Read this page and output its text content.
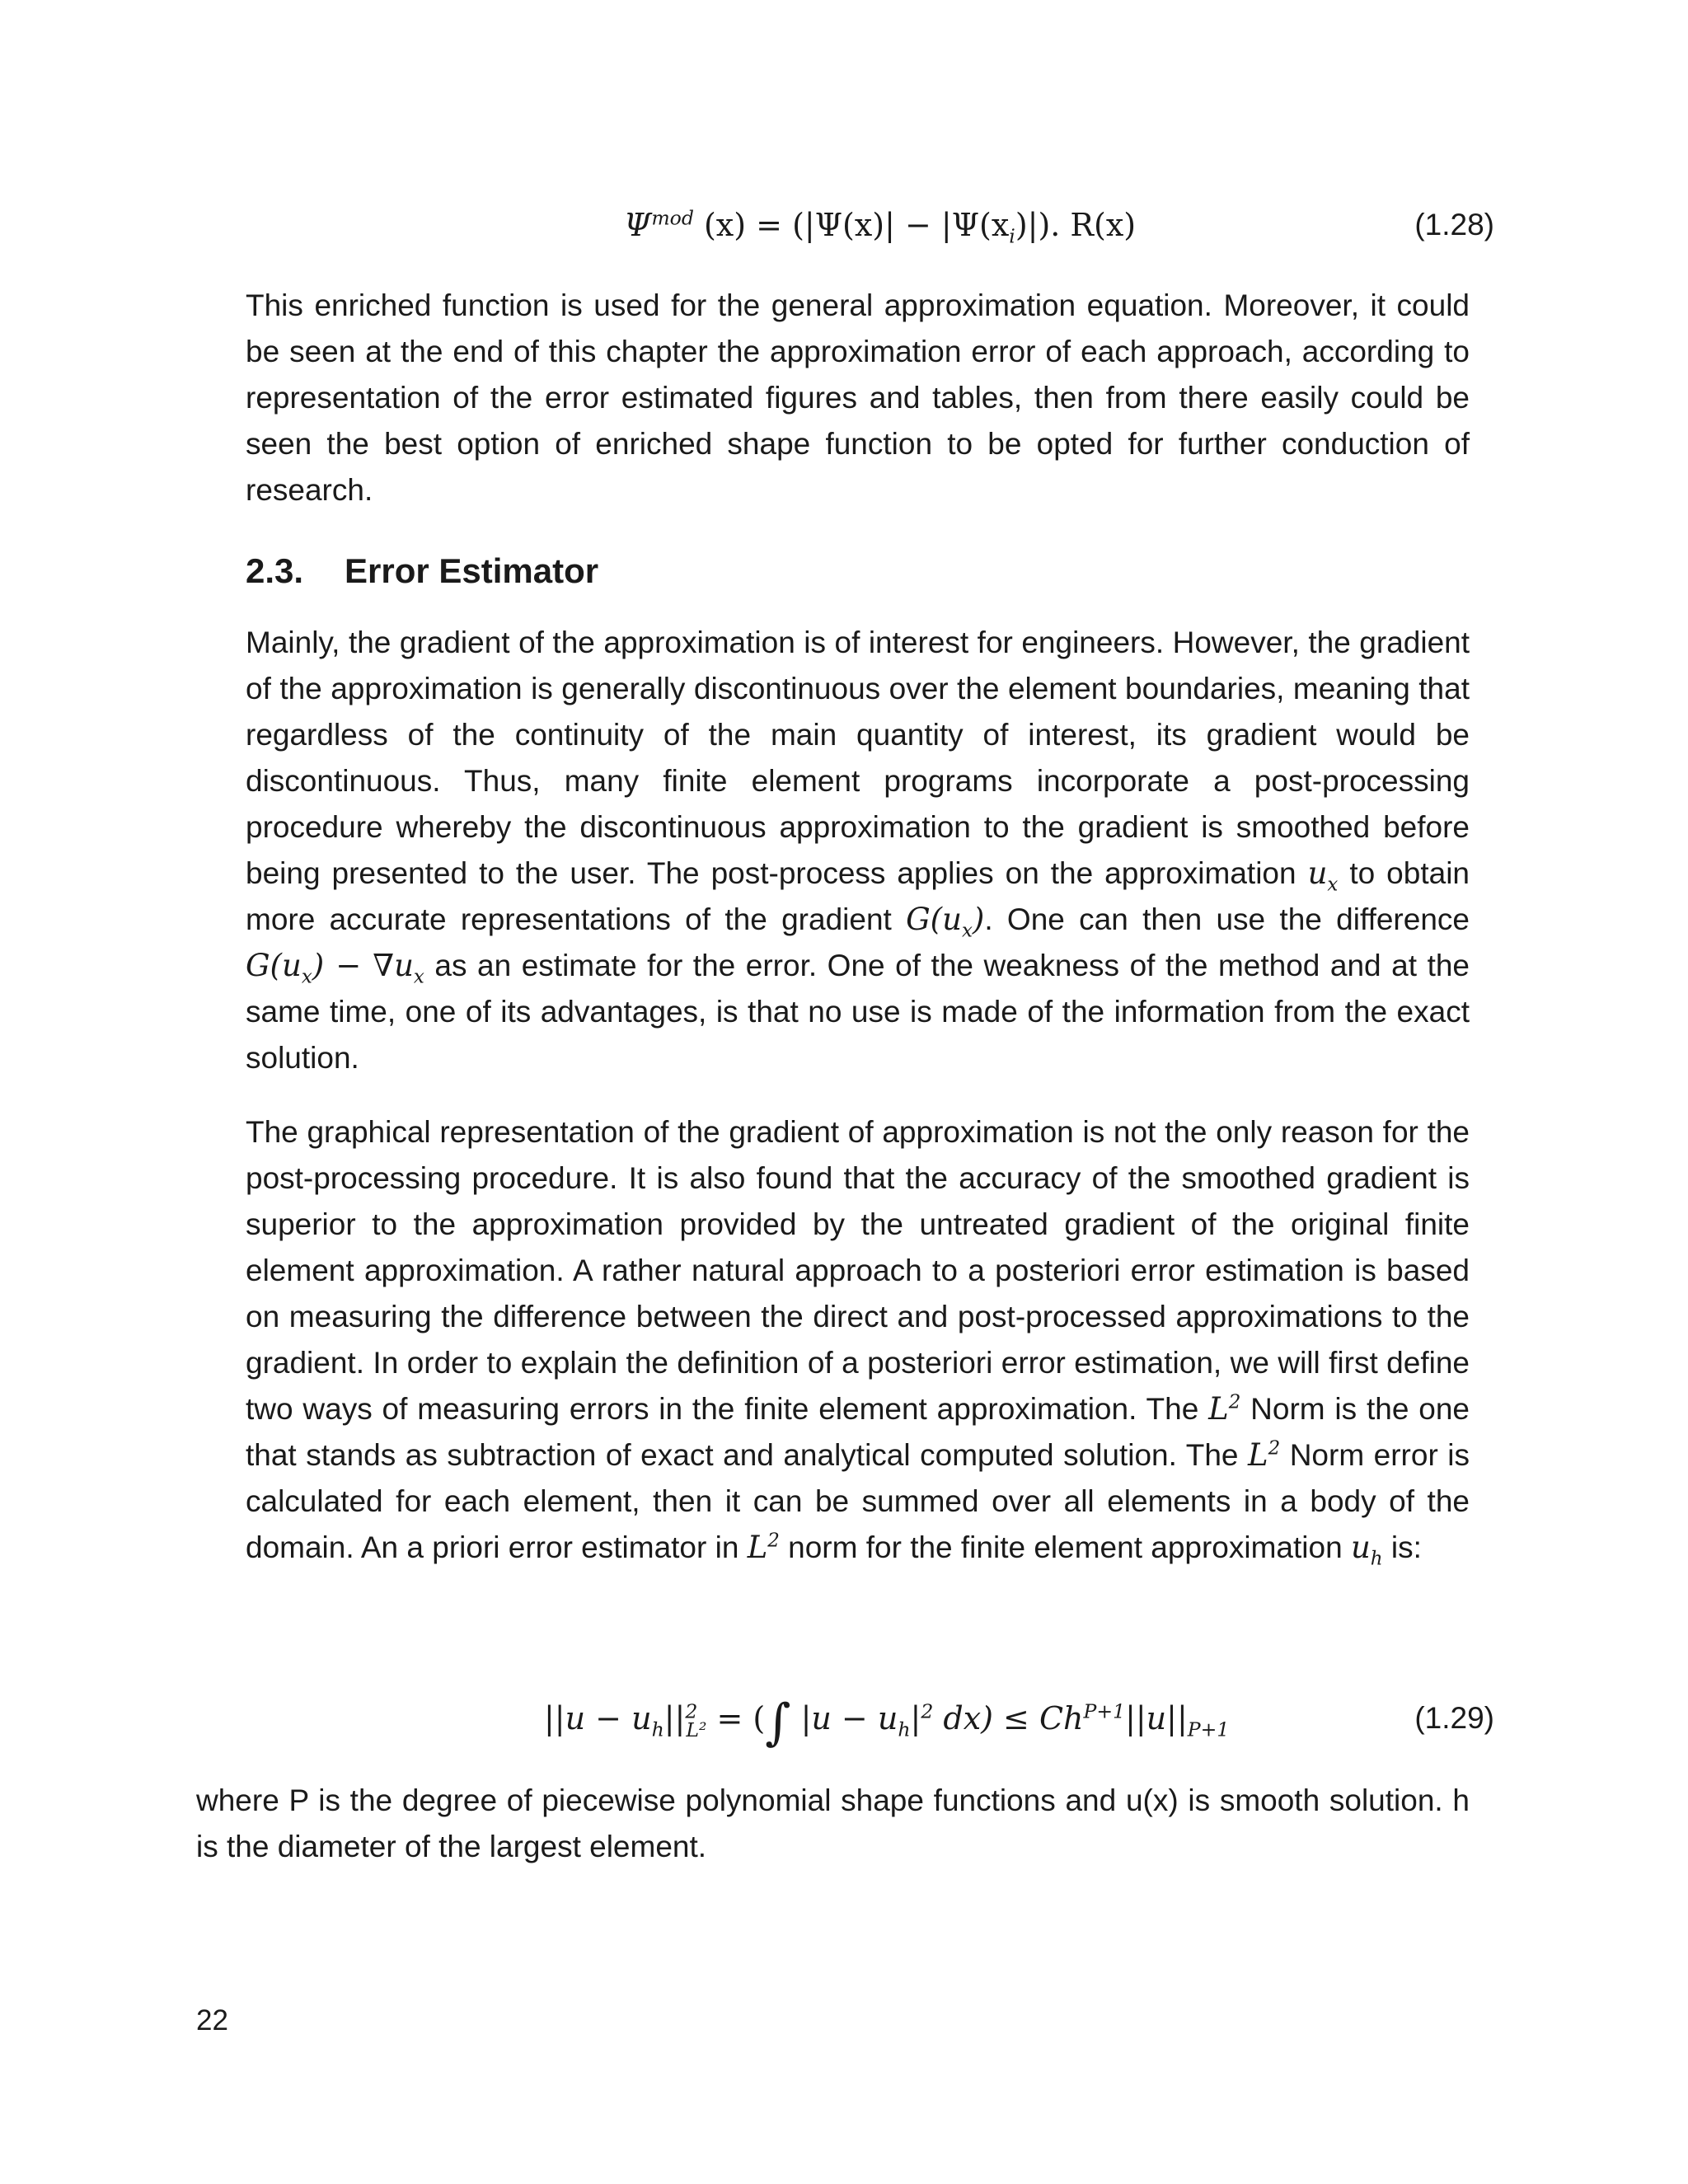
$\Psi^{mod}$ $(x) = (|\Psi(x)| - |\Psi(x_i)|)$. R(x)	(1.28)

This enriched function is used for the general approximation equation. Moreover, it could be seen at the end of this chapter the approximation error of each approach, according to representation of the error estimated figures and tables, then from there easily could be seen the best option of enriched shape function to be opted for further conduction of research.

2.3. Error Estimator

Mainly, the gradient of the approximation is of interest for engineers. However, the gradient of the approximation is generally discontinuous over the element boundaries, meaning that regardless of the continuity of the main quantity of interest, its gradient would be discontinuous. Thus, many finite element programs incorporate a post-processing procedure whereby the discontinuous approximation to the gradient is smoothed before being presented to the user. The post-process applies on the approximation $u_x$ to obtain more accurate representations of the gradient $G(u_x)$. One can then use the difference $G(u_x) - \nabla u_x$ as an estimate for the error. One of the weakness of the method and at the same time, one of its advantages, is that no use is made of the information from the exact solution.

The graphical representation of the gradient of approximation is not the only reason for the post-processing procedure. It is also found that the accuracy of the smoothed gradient is superior to the approximation provided by the untreated gradient of the original finite element approximation. A rather natural approach to a posteriori error estimation is based on measuring the difference between the direct and post-processed approximations to the gradient. In order to explain the definition of a posteriori error estimation, we will first define two ways of measuring errors in the finite element approximation. The $L^2$ Norm is the one that stands as subtraction of exact and analytical computed solution. The $L^2$ Norm error is calculated for each element, then it can be summed over all elements in a body of the domain. An a priori error estimator in $L^2$ norm for the finite element approximation $u_h$ is:

$||u - u_h||^2_{L^2}$ = (∫ $|u - u_h|^2$ $dx) \le Ch^{P+1}||u||_{P+1}$	(1.29)

where P is the degree of piecewise polynomial shape functions and u(x) is smooth solution. h is the diameter of the largest element.

22
